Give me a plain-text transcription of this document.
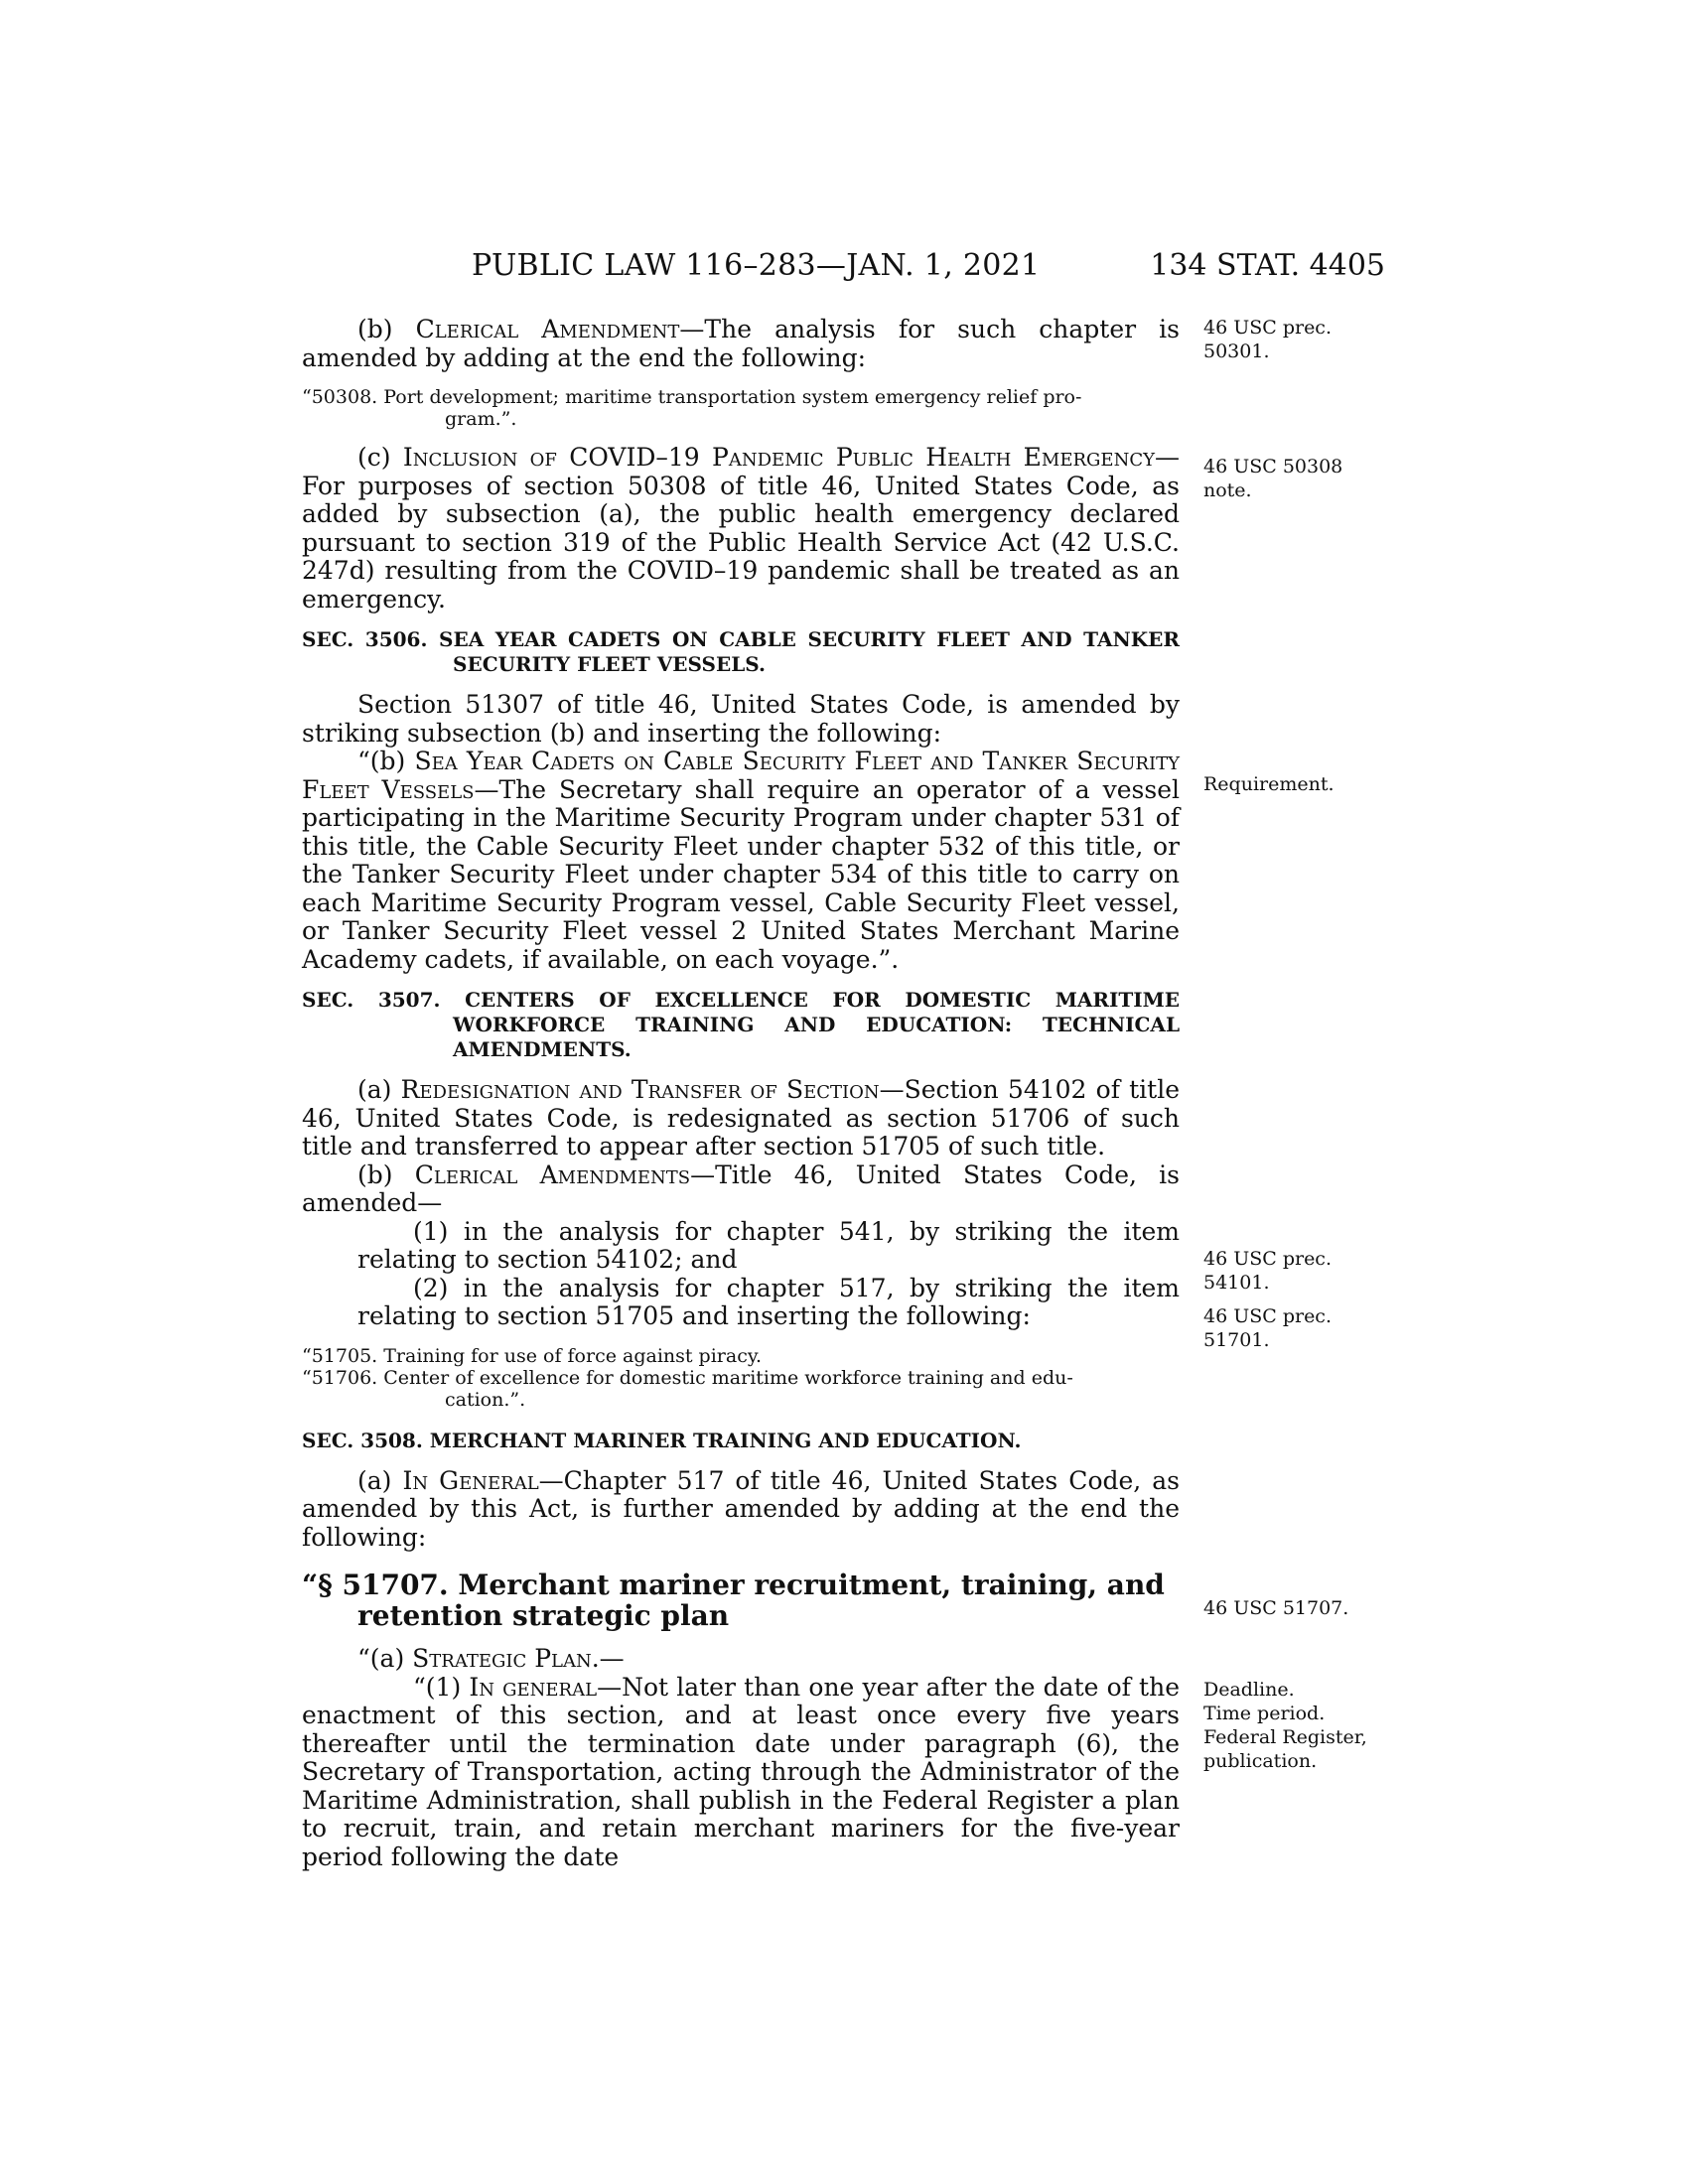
PUBLIC LAW 116–283—JAN. 1, 2021	134 STAT. 4405

(b) Clerical Amendment—The analysis for such chapter is amended by adding at the end the following:

“50308. Port development; maritime transportation system emergency relief pro-
gram.”.

(c) Inclusion of COVID–19 Pandemic Public Health Emergency—For purposes of section 50308 of title 46, United States Code, as added by subsection (a), the public health emergency declared pursuant to section 319 of the Public Health Service Act (42 U.S.C. 247d) resulting from the COVID–19 pandemic shall be treated as an emergency.

SEC. 3506. SEA YEAR CADETS ON CABLE SECURITY FLEET AND TANKER SECURITY FLEET VESSELS.

Section 51307 of title 46, United States Code, is amended by striking subsection (b) and inserting the following:

“(b) Sea Year Cadets on Cable Security Fleet and Tanker Security Fleet Vessels—The Secretary shall require an operator of a vessel participating in the Maritime Security Program under chapter 531 of this title, the Cable Security Fleet under chapter 532 of this title, or the Tanker Security Fleet under chapter 534 of this title to carry on each Maritime Security Program vessel, Cable Security Fleet vessel, or Tanker Security Fleet vessel 2 United States Merchant Marine Academy cadets, if available, on each voyage.”.

SEC. 3507. CENTERS OF EXCELLENCE FOR DOMESTIC MARITIME WORKFORCE TRAINING AND EDUCATION: TECHNICAL AMENDMENTS.

(a) Redesignation and Transfer of Section—Section 54102 of title 46, United States Code, is redesignated as section 51706 of such title and transferred to appear after section 51705 of such title.

(b) Clerical Amendments—Title 46, United States Code, is amended—

(1) in the analysis for chapter 541, by striking the item relating to section 54102; and

(2) in the analysis for chapter 517, by striking the item relating to section 51705 and inserting the following:

“51705. Training for use of force against piracy.

“51706. Center of excellence for domestic maritime workforce training and edu-
cation.”.

SEC. 3508. MERCHANT MARINER TRAINING AND EDUCATION.

(a) In General—Chapter 517 of title 46, United States Code, as amended by this Act, is further amended by adding at the end the following:

“§ 51707. Merchant mariner recruitment, training, and retention strategic plan

“(a) Strategic Plan.—

“(1) In general—Not later than one year after the date of the enactment of this section, and at least once every five years thereafter until the termination date under paragraph (6), the Secretary of Transportation, acting through the Administrator of the Maritime Administration, shall publish in the Federal Register a plan to recruit, train, and retain merchant mariners for the five-year period following the date

46 USC prec. 50301.
46 USC 50308 note.
Requirement.
46 USC prec. 54101.
46 USC prec. 51701.
46 USC 51707.
Deadline.
Time period.
Federal Register,
publication.
